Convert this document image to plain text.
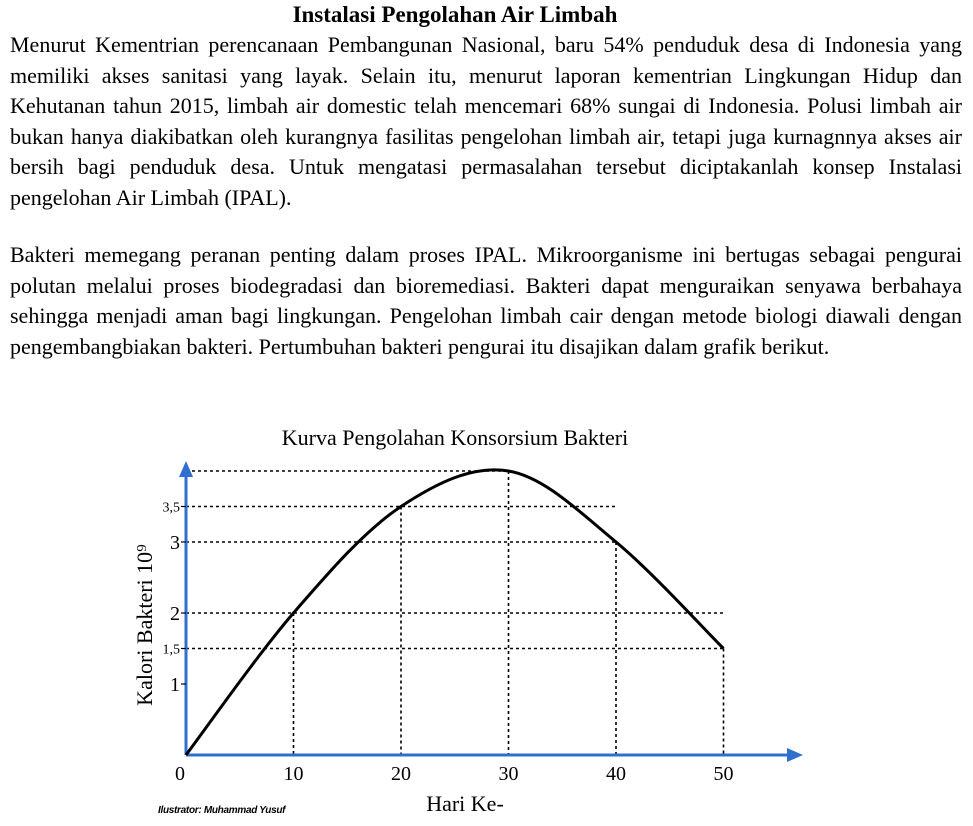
Instalasi Pengolahan Air Limbah

Menurut Kementrian perencanaan Pembangunan Nasional, baru 54% penduduk desa di Indonesia yang memiliki akses sanitasi yang layak. Selain itu, menurut laporan kementrian Lingkungan Hidup dan Kehutanan tahun 2015, limbah air domestic telah mencemari 68% sungai di Indonesia. Polusi limbah air bukan hanya diakibatkan oleh kurangnya fasilitas pengelohan limbah air, tetapi juga kurnagnnya akses air bersih bagi penduduk desa. Untuk mengatasi permasalahan tersebut diciptakanlah konsep Instalasi pengelohan Air Limbah (IPAL).

Bakteri memegang peranan penting dalam proses IPAL. Mikroorganisme ini bertugas sebagai pengurai polutan melalui proses biodegradasi dan bioremediasi. Bakteri dapat menguraikan senyawa berbahaya sehingga menjadi aman bagi lingkungan. Pengelohan limbah cair dengan metode biologi diawali dengan pengembangbiakan bakteri. Pertumbuhan bakteri pengurai itu disajikan dalam grafik berikut.

Kurva Pengolahan Konsorsium Bakteri
0	10	20	30	40	50
1
1,5
2
3
3,5
Kalori Bakteri 10⁹
Hari Ke-
Ilustrator: Muhammad Yusuf
